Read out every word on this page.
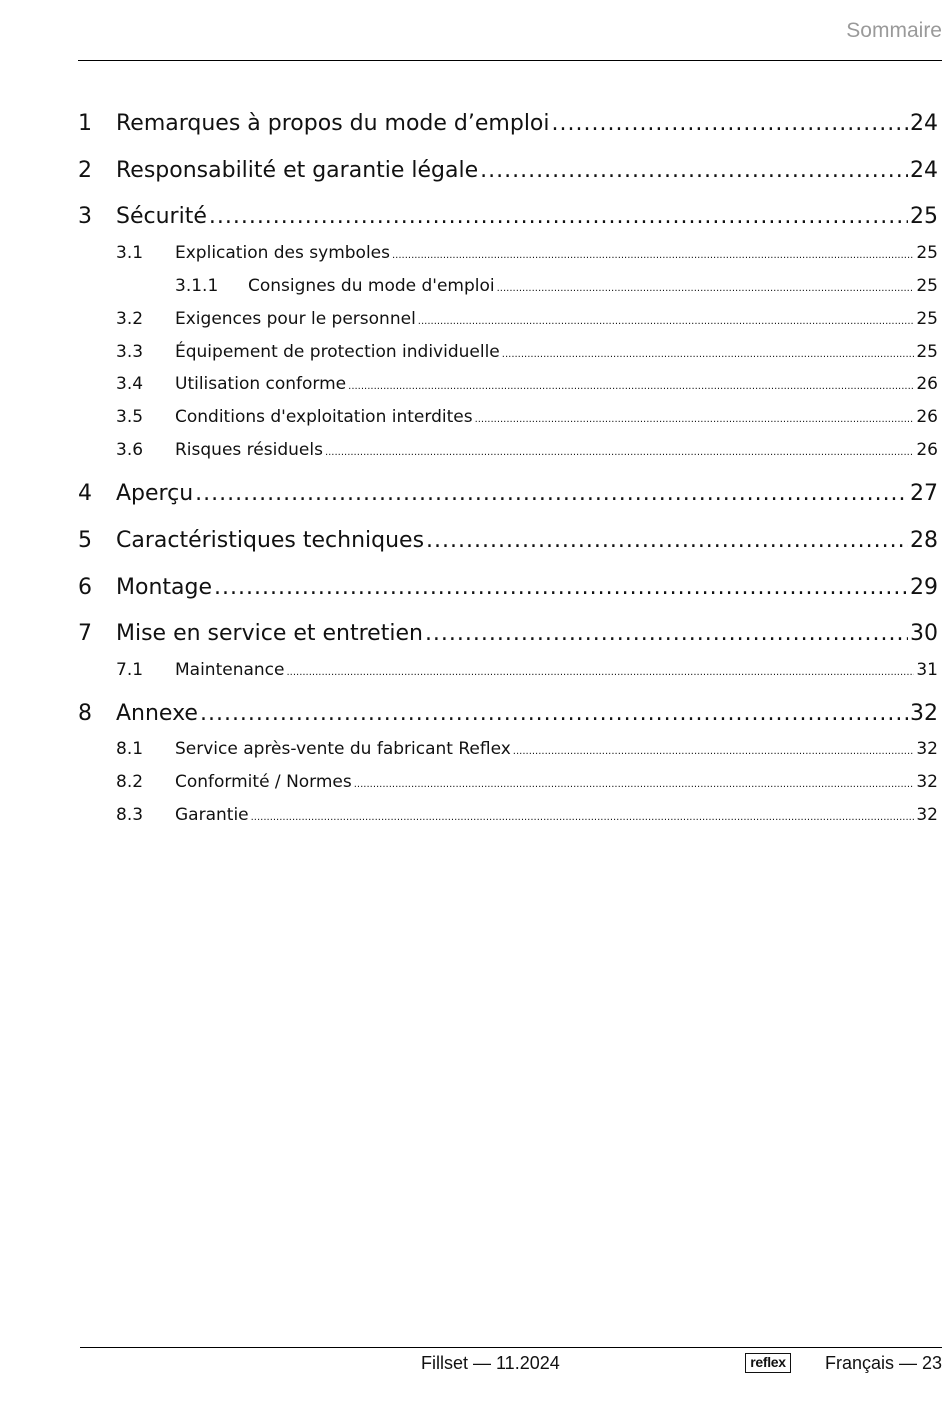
Sommaire
1	Remarques à propos du mode d’emploi .....	24
2	Responsabilité et garantie légale .....	24
3	Sécurité .....	25
3.1	Explication des symboles .....	25
3.1.1	Consignes du mode d'emploi .....	25
3.2	Exigences pour le personnel .....	25
3.3	Équipement de protection individuelle .....	25
3.4	Utilisation conforme .....	26
3.5	Conditions d'exploitation interdites .....	26
3.6	Risques résiduels .....	26
4	Aperçu .....	27
5	Caractéristiques techniques .....	28
6	Montage .....	29
7	Mise en service et entretien .....	30
7.1	Maintenance .....	31
8	Annexe .....	32
8.1	Service après-vente du fabricant Reflex .....	32
8.2	Conformité / Normes .....	32
8.3	Garantie .....	32
Fillset — 11.2024	reflex Français — 23
